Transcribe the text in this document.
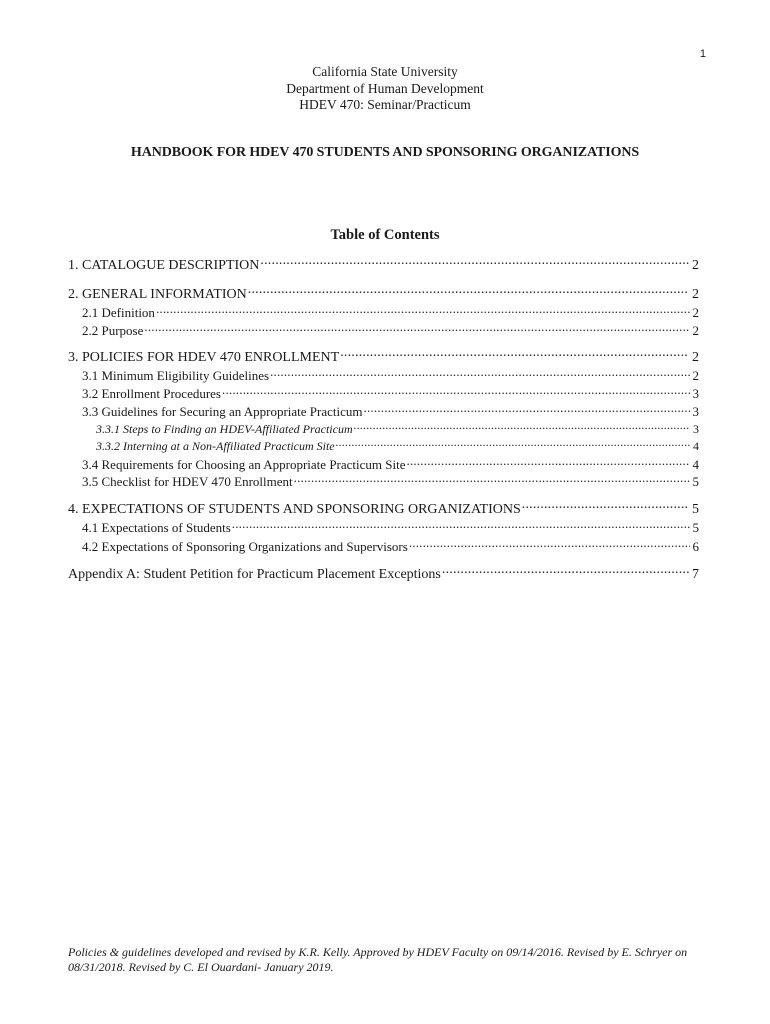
1
California State University
Department of Human Development
HDEV 470: Seminar/Practicum
HANDBOOK FOR HDEV 470 STUDENTS AND SPONSORING ORGANIZATIONS
Table of Contents
1. CATALOGUE DESCRIPTION .....	2
2. GENERAL INFORMATION .....	2
2.1 Definition .....	2
2.2 Purpose .....	2
3. POLICIES FOR HDEV 470 ENROLLMENT .....	2
3.1 Minimum Eligibility Guidelines .....	2
3.2 Enrollment Procedures .....	3
3.3 Guidelines for Securing an Appropriate Practicum .....	3
3.3.1 Steps to Finding an HDEV-Affiliated Practicum .....	3
3.3.2 Interning at a Non-Affiliated Practicum Site .....	4
3.4 Requirements for Choosing an Appropriate Practicum Site .....	4
3.5 Checklist for HDEV 470 Enrollment .....	5
4. EXPECTATIONS OF STUDENTS AND SPONSORING ORGANIZATIONS .....	5
4.1 Expectations of Students .....	5
4.2 Expectations of Sponsoring Organizations and Supervisors .....	6
Appendix A: Student Petition for Practicum Placement Exceptions .....	7
Policies & guidelines developed and revised by K.R. Kelly. Approved by HDEV Faculty on 09/14/2016. Revised by E. Schryer on 08/31/2018. Revised by C. El Ouardani- January 2019.
